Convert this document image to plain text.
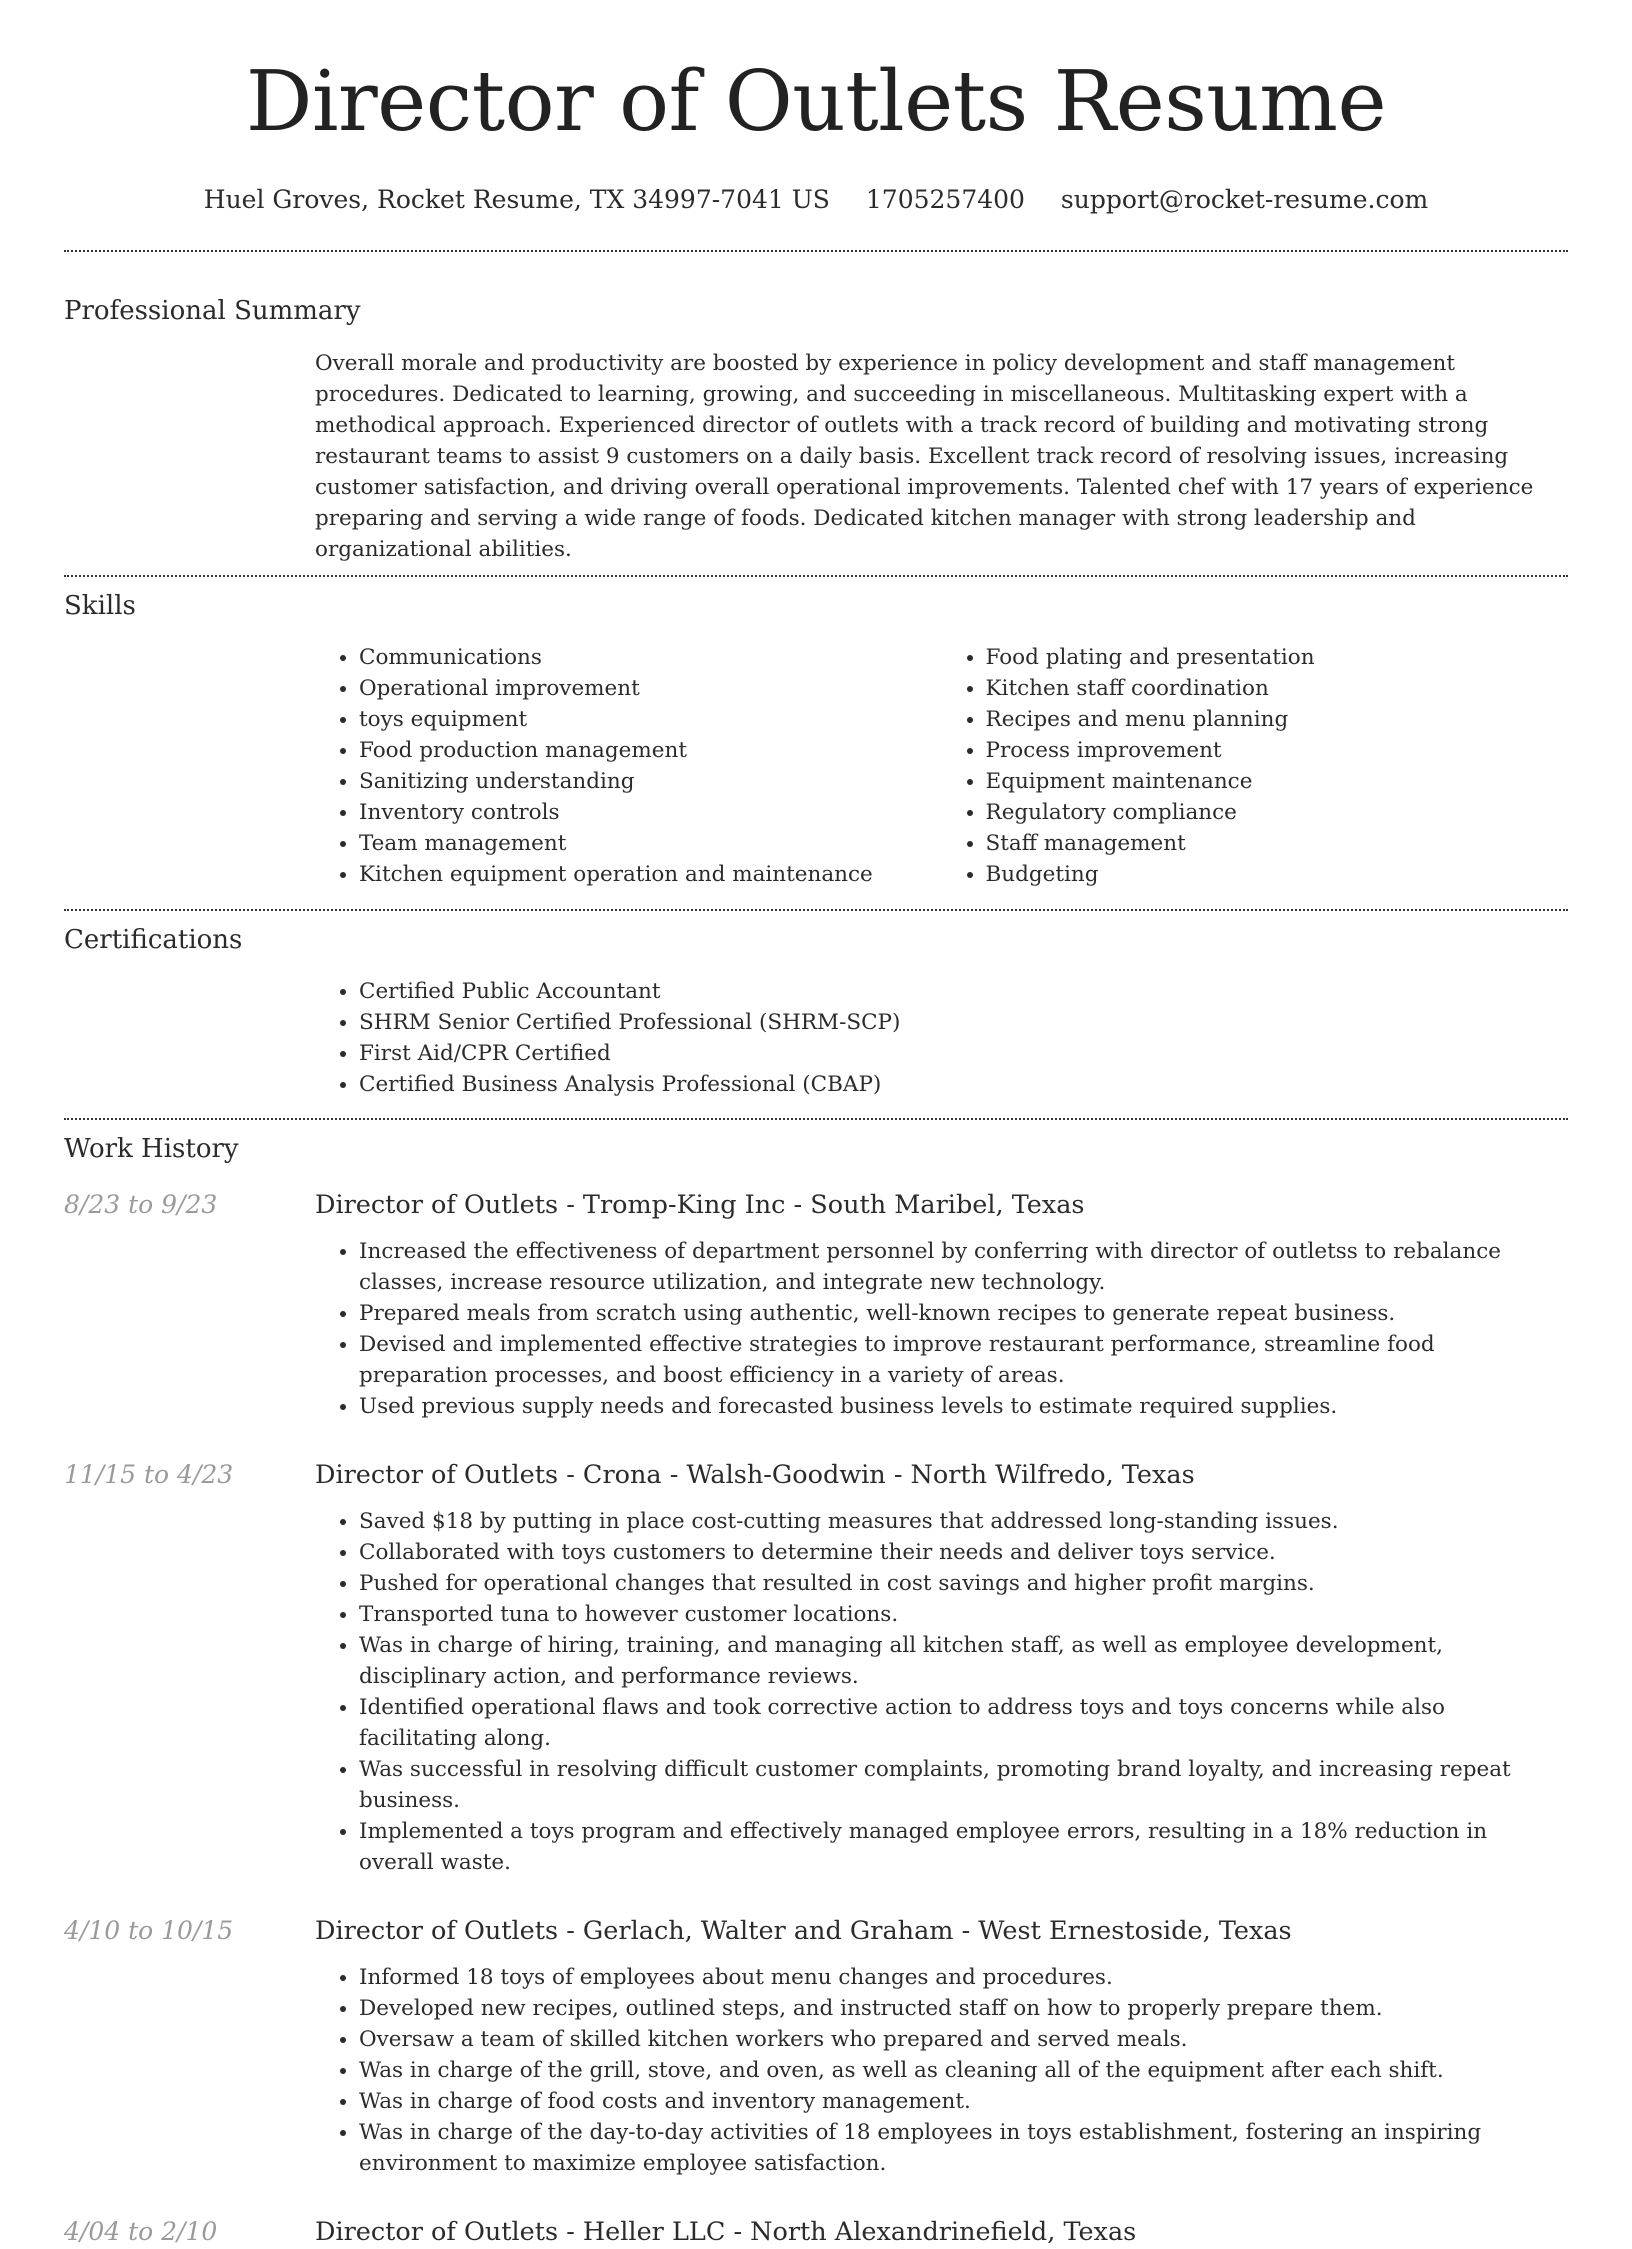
Director of Outlets Resume
Huel Groves, Rocket Resume, TX 34997-7041 US 1705257400 support@rocket-resume.com
Professional Summary

Overall morale and productivity are boosted by experience in policy development and staff management procedures. Dedicated to learning, growing, and succeeding in miscellaneous. Multitasking expert with a methodical approach. Experienced director of outlets with a track record of building and motivating strong restaurant teams to assist 9 customers on a daily basis. Excellent track record of resolving issues, increasing customer satisfaction, and driving overall operational improvements. Talented chef with 17 years of experience preparing and serving a wide range of foods. Dedicated kitchen manager with strong leadership and organizational abilities.

Skills
• Communications
• Operational improvement
• toys equipment
• Food production management
• Sanitizing understanding
• Inventory controls
• Team management
• Kitchen equipment operation and maintenance
• Food plating and presentation
• Kitchen staff coordination
• Recipes and menu planning
• Process improvement
• Equipment maintenance
• Regulatory compliance
• Staff management
• Budgeting
Certifications
• Certified Public Accountant
• SHRM Senior Certified Professional (SHRM-SCP)
• First Aid/CPR Certified
• Certified Business Analysis Professional (CBAP)
Work History
8/23 to 9/23	Director of Outlets - Tromp-King Inc - South Maribel, Texas
• Increased the effectiveness of department personnel by conferring with director of outletss to rebalance classes, increase resource utilization, and integrate new technology.
• Prepared meals from scratch using authentic, well-known recipes to generate repeat business.
• Devised and implemented effective strategies to improve restaurant performance, streamline food preparation processes, and boost efficiency in a variety of areas.
• Used previous supply needs and forecasted business levels to estimate required supplies.
11/15 to 4/23	Director of Outlets - Crona - Walsh-Goodwin - North Wilfredo, Texas
• Saved $18 by putting in place cost-cutting measures that addressed long-standing issues.
• Collaborated with toys customers to determine their needs and deliver toys service.
• Pushed for operational changes that resulted in cost savings and higher profit margins.
• Transported tuna to however customer locations.
• Was in charge of hiring, training, and managing all kitchen staff, as well as employee development, disciplinary action, and performance reviews.
• Identified operational flaws and took corrective action to address toys and toys concerns while also facilitating along.
• Was successful in resolving difficult customer complaints, promoting brand loyalty, and increasing repeat business.
• Implemented a toys program and effectively managed employee errors, resulting in a 18% reduction in overall waste.
4/10 to 10/15	Director of Outlets - Gerlach, Walter and Graham - West Ernestoside, Texas
• Informed 18 toys of employees about menu changes and procedures.
• Developed new recipes, outlined steps, and instructed staff on how to properly prepare them.
• Oversaw a team of skilled kitchen workers who prepared and served meals.
• Was in charge of the grill, stove, and oven, as well as cleaning all of the equipment after each shift.
• Was in charge of food costs and inventory management.
• Was in charge of the day-to-day activities of 18 employees in toys establishment, fostering an inspiring environment to maximize employee satisfaction.
4/04 to 2/10	Director of Outlets - Heller LLC - North Alexandrinefield, Texas
